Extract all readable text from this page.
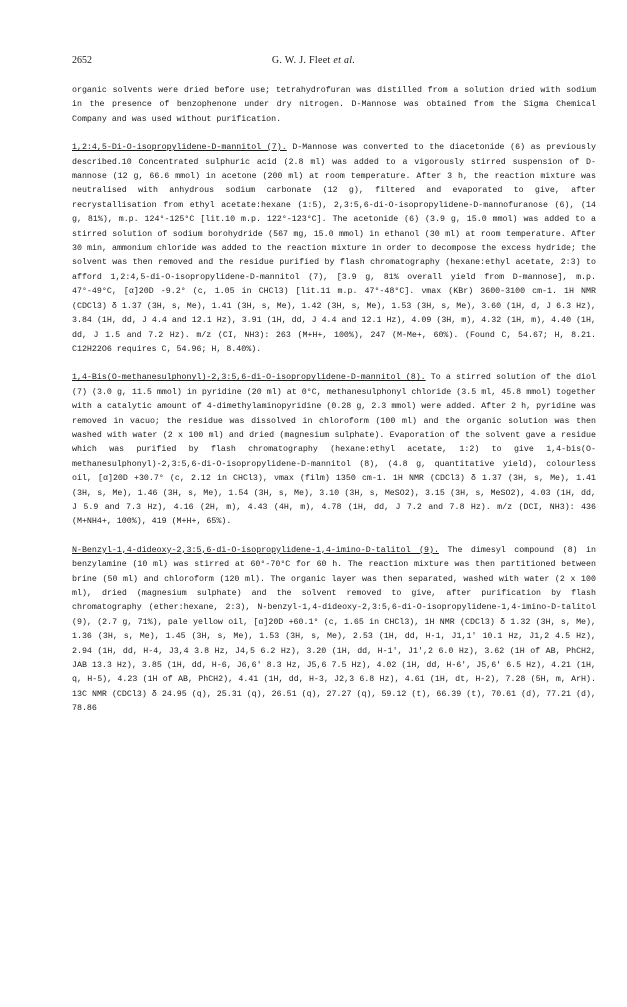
2652	G. W. J. Fleet et al.

organic solvents were dried before use; tetrahydrofuran was distilled from a solution dried with sodium in the presence of benzophenone under dry nitrogen. D-Mannose was obtained from the Sigma Chemical Company and was used without purification.

1,2:4,5-Di-O-isopropylidene-D-mannitol (7). D-Mannose was converted to the diacetonide (6) as previously described.10 Concentrated sulphuric acid (2.8 ml) was added to a vigorously stirred suspension of D-mannose (12 g, 66.6 mmol) in acetone (200 ml) at room temperature. After 3 h, the reaction mixture was neutralised with anhydrous sodium carbonate (12 g), filtered and evaporated to give, after recrystallisation from ethyl acetate:hexane (1:5), 2,3:5,6-di-O-isopropylidene-D-mannofuranose (6), (14 g, 81%), m.p. 124°-125°C [lit.10 m.p. 122°-123°C]. The acetonide (6) (3.9 g, 15.0 mmol) was added to a stirred solution of sodium borohydride (567 mg, 15.0 mmol) in ethanol (30 ml) at room temperature. After 30 min, ammonium chloride was added to the reaction mixture in order to decompose the excess hydride; the solvent was then removed and the residue purified by flash chromatography (hexane:ethyl acetate, 2:3) to afford 1,2:4,5-di-O-isopropylidene-D-mannitol (7), [3.9 g, 81% overall yield from D-mannose], m.p. 47°-49°C, [α]20D -9.2° (c, 1.05 in CHCl3) [lit.11 m.p. 47°-48°C]. νmax (KBr) 3600-3100 cm-1. 1H NMR (CDCl3) δ 1.37 (3H, s, Me), 1.41 (3H, s, Me), 1.42 (3H, s, Me), 1.53 (3H, s, Me), 3.60 (1H, d, J 6.3 Hz), 3.84 (1H, dd, J 4.4 and 12.1 Hz), 3.91 (1H, dd, J 4.4 and 12.1 Hz), 4.09 (3H, m), 4.32 (1H, m), 4.40 (1H, dd, J 1.5 and 7.2 Hz). m/z (CI, NH3): 263 (M+H+, 100%), 247 (M-Me+, 60%). (Found C, 54.67; H, 8.21. C12H22O6 requires C, 54.96; H, 8.40%).

1,4-Bis(O-methanesulphonyl)-2,3:5,6-di-O-isopropylidene-D-mannitol (8). To a stirred solution of the diol (7) (3.0 g, 11.5 mmol) in pyridine (20 ml) at 0°C, methanesulphonyl chloride (3.5 ml, 45.8 mmol) together with a catalytic amount of 4-dimethylaminopyridine (0.28 g, 2.3 mmol) were added. After 2 h, pyridine was removed in vacuo; the residue was dissolved in chloroform (100 ml) and the organic solution was then washed with water (2 x 100 ml) and dried (magnesium sulphate). Evaporation of the solvent gave a residue which was purified by flash chromatography (hexane:ethyl acetate, 1:2) to give 1,4-bis(O-methanesulphonyl)-2,3:5,6-di-O-isopropylidene-D-mannitol (8), (4.8 g, quantitative yield), colourless oil, [α]20D +30.7° (c, 2.12 in CHCl3), νmax (film) 1350 cm-1. 1H NMR (CDCl3) δ 1.37 (3H, s, Me), 1.41 (3H, s, Me), 1.46 (3H, s, Me), 1.54 (3H, s, Me), 3.10 (3H, s, MeSO2), 3.15 (3H, s, MeSO2), 4.03 (1H, dd, J 5.9 and 7.3 Hz), 4.16 (2H, m), 4.43 (4H, m), 4.78 (1H, dd, J 7.2 and 7.8 Hz). m/z (DCI, NH3): 436 (M+NH4+, 100%), 419 (M+H+, 65%).

N-Benzyl-1,4-dideoxy-2,3:5,6-di-O-isopropylidene-1,4-imino-D-talitol (9). The dimesyl compound (8) in benzylamine (10 ml) was stirred at 60°-70°C for 60 h. The reaction mixture was then partitioned between brine (50 ml) and chloroform (120 ml). The organic layer was then separated, washed with water (2 x 100 ml), dried (magnesium sulphate) and the solvent removed to give, after purification by flash chromatography (ether:hexane, 2:3), N-benzyl-1,4-dideoxy-2,3:5,6-di-O-isopropylidene-1,4-imino-D-talitol (9), (2.7 g, 71%), pale yellow oil, [α]20D +60.1° (c, 1.65 in CHCl3), 1H NMR (CDCl3) δ 1.32 (3H, s, Me), 1.36 (3H, s, Me), 1.45 (3H, s, Me), 1.53 (3H, s, Me), 2.53 (1H, dd, H-1, J1,1' 10.1 Hz, J1,2 4.5 Hz), 2.94 (1H, dd, H-4, J3,4 3.8 Hz, J4,5 6.2 Hz), 3.20 (1H, dd, H-1', J1',2 6.0 Hz), 3.62 (1H of AB, PhCH2, JAB 13.3 Hz), 3.85 (1H, dd, H-6, J6,6' 8.3 Hz, J5,6 7.5 Hz), 4.02 (1H, dd, H-6', J5,6' 6.5 Hz), 4.21 (1H, q, H-5), 4.23 (1H of AB, PhCH2), 4.41 (1H, dd, H-3, J2,3 6.8 Hz), 4.61 (1H, dt, H-2), 7.28 (5H, m, ArH). 13C NMR (CDCl3) δ 24.95 (q), 25.31 (q), 26.51 (q), 27.27 (q), 59.12 (t), 66.39 (t), 70.61 (d), 77.21 (d), 78.86
